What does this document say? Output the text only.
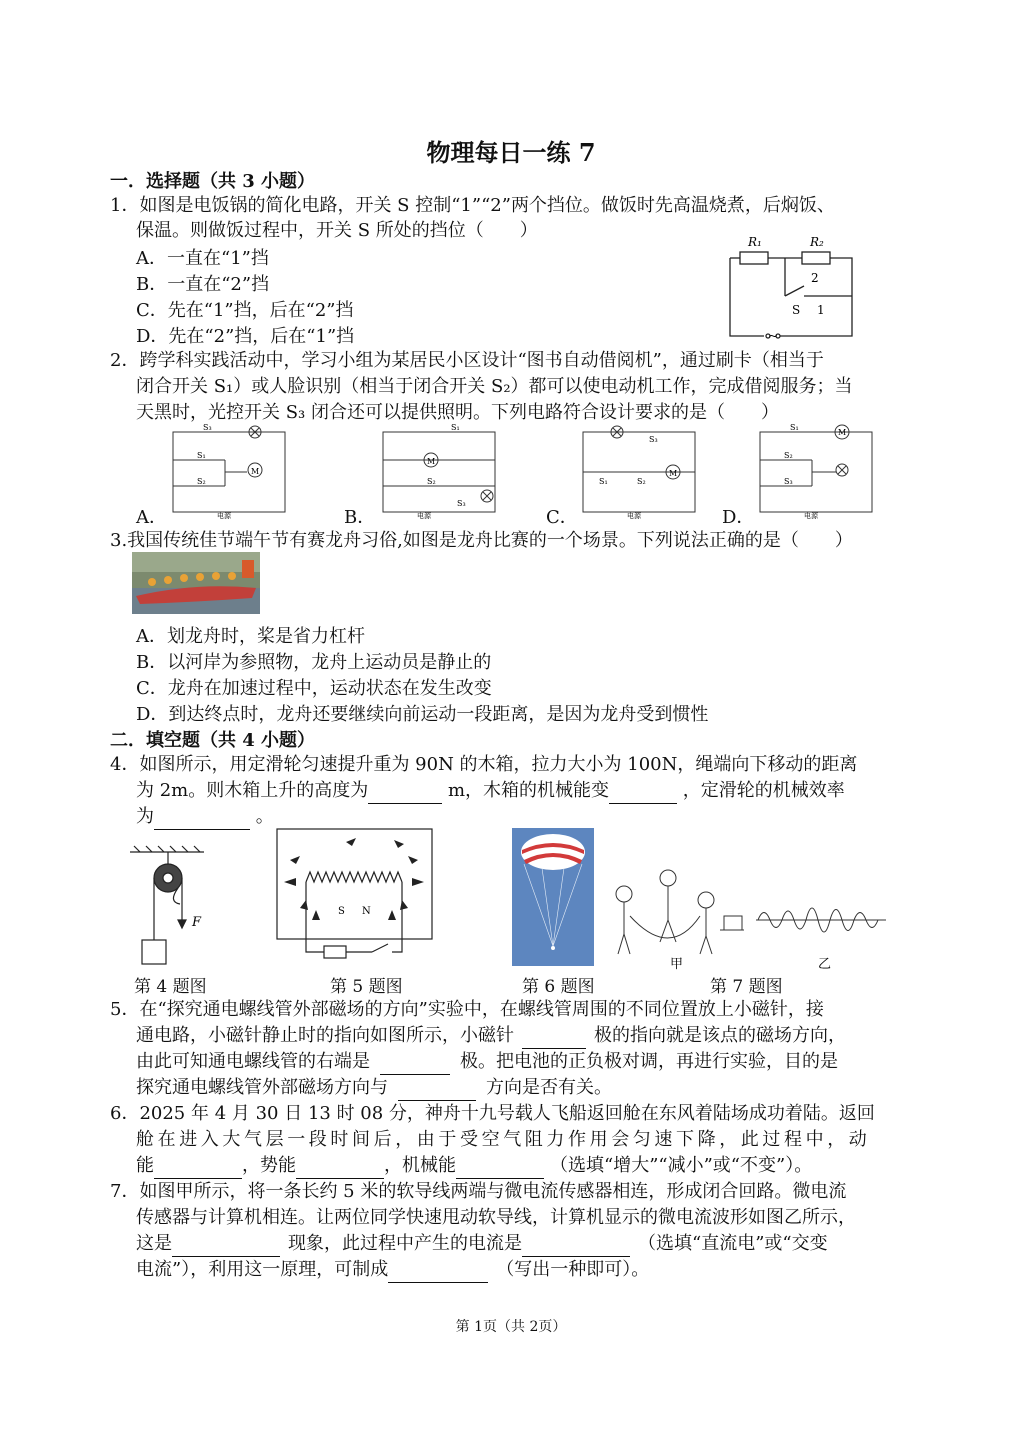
物理每日一练 7
一．选择题（共 3 小题）
1．如图是电饭锅的简化电路，开关 S 控制“1”“2”两个挡位。做饭时先高温烧煮，后焖饭、
保温。则做饭过程中，开关 S 所处的挡位（　　）
A．一直在“1”挡
B．一直在“2”挡
C．先在“1”挡，后在“2”挡
D．先在“2”挡，后在“1”挡
R₁	R₂
2
S 1
~
2．跨学科实践活动中，学习小组为某居民小区设计“图书自动借阅机”，通过刷卡（相当于
闭合开关 S₁）或人脸识别（相当于闭合开关 S₂）都可以使电动机工作，完成借阅服务；当
天黑时，光控开关 S₃ 闭合还可以提供照明。下列电路符合设计要求的是（　　）
M
S₃
S₁
S₂
电源
M
S₁
S₂
S₃
电源
M
S₃
S₁	S₂
电源
M
S₁
S₂
S₃
电源
A．	B．	C．	D．
3.我国传统佳节端午节有赛龙舟习俗,如图是龙舟比赛的一个场景。下列说法正确的是（　　）
A．划龙舟时，桨是省力杠杆
B．以河岸为参照物，龙舟上运动员是静止的
C．龙舟在加速过程中，运动状态在发生改变
D．到达终点时，龙舟还要继续向前运动一段距离，是因为龙舟受到惯性
二．填空题（共 4 小题）
4．如图所示，用定滑轮匀速提升重为 90N 的木箱，拉力大小为 100N，绳端向下移动的距离
为 2m。则木箱上升的高度为	m，木箱的机械能变	，定滑轮的机械效率
为	。
F
第 4 题图
S N
第 5 题图	第 6 题图
甲	乙
第 7 题图
5．在“探究通电螺线管外部磁场的方向”实验中，在螺线管周围的不同位置放上小磁针，接
通电路，小磁针静止时的指向如图所示，小磁针	极的指向就是该点的磁场方向，
由此可知通电螺线管的右端是	极。把电池的正负极对调，再进行实验，目的是
探究通电螺线管外部磁场方向与	方向是否有关。
6．2025 年 4 月 30 日 13 时 08 分，神舟十九号载人飞船返回舱在东风着陆场成功着陆。返回
舱在进入大气层一段时间后，由于受空气阻力作用会匀速下降，此过程中，动
能	，势能	，机械能	（选填“增大”“减小”或“不变”）。
7．如图甲所示，将一条长约 5 米的软导线两端与微电流传感器相连，形成闭合回路。微电流
传感器与计算机相连。让两位同学快速甩动软导线，计算机显示的微电流波形如图乙所示，
这是	现象，此过程中产生的电流是	（选填“直流电”或“交变
电流”），利用这一原理，可制成	（写出一种即可）。
第 1页（共 2页）
